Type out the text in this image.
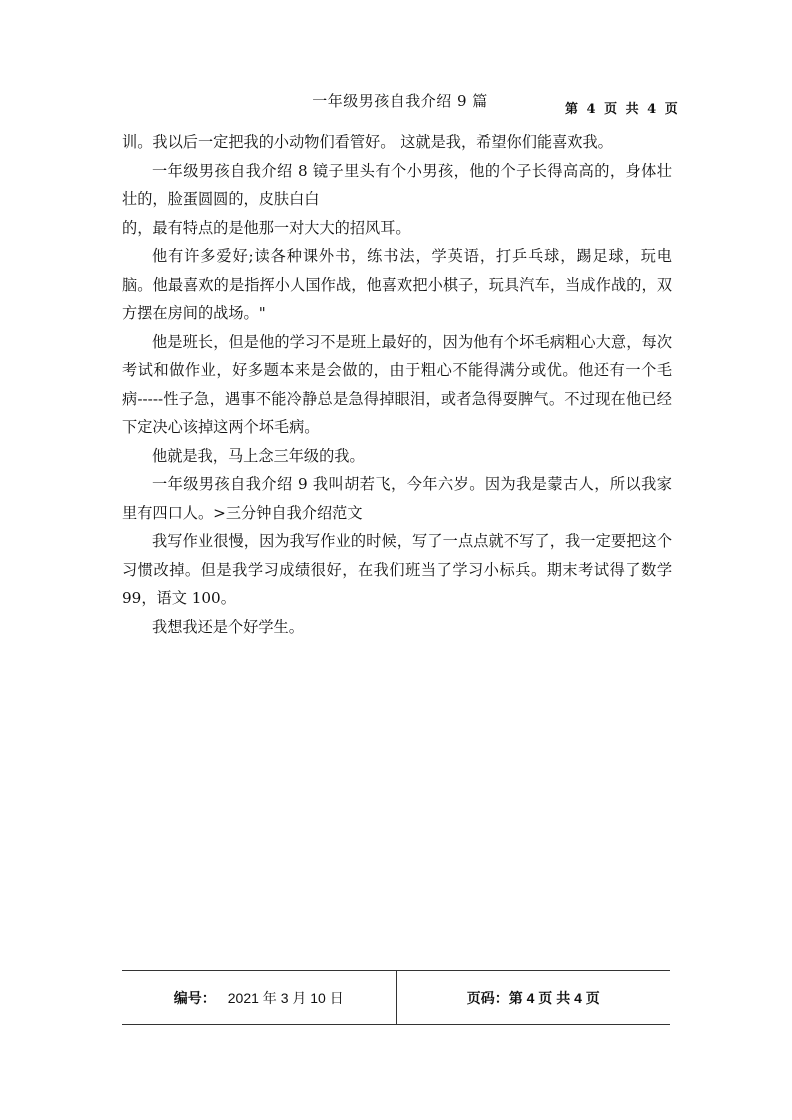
一年级男孩自我介绍 9 篇	第 4 页 共 4 页

训。我以后一定把我的小动物们看管好。 这就是我，希望你们能喜欢我。

一年级男孩自我介绍 8 镜子里头有个小男孩，他的个子长得高高的，身体壮壮的，脸蛋圆圆的，皮肤白白

的，最有特点的是他那一对大大的招风耳。

他有许多爱好;读各种课外书，练书法，学英语，打乒乓球，踢足球，玩电脑。他最喜欢的是指挥小人国作战，他喜欢把小棋子，玩具汽车，当成作战的，双方摆在房间的战场。"

他是班长，但是他的学习不是班上最好的，因为他有个坏毛病粗心大意，每次考试和做作业，好多题本来是会做的，由于粗心不能得满分或优。他还有一个毛病-----性子急，遇事不能冷静总是急得掉眼泪，或者急得耍脾气。不过现在他已经下定决心该掉这两个坏毛病。

他就是我，马上念三年级的我。

一年级男孩自我介绍 9 我叫胡若飞，今年六岁。因为我是蒙古人，所以我家里有四口人。>三分钟自我介绍范文

我写作业很慢，因为我写作业的时候，写了一点点就不写了，我一定要把这个习惯改掉。但是我学习成绩很好，在我们班当了学习小标兵。期末考试得了数学 99，语文 100。

我想我还是个好学生。

编号： 2021 年 3 月 10 日	页码：第 4 页 共 4 页
